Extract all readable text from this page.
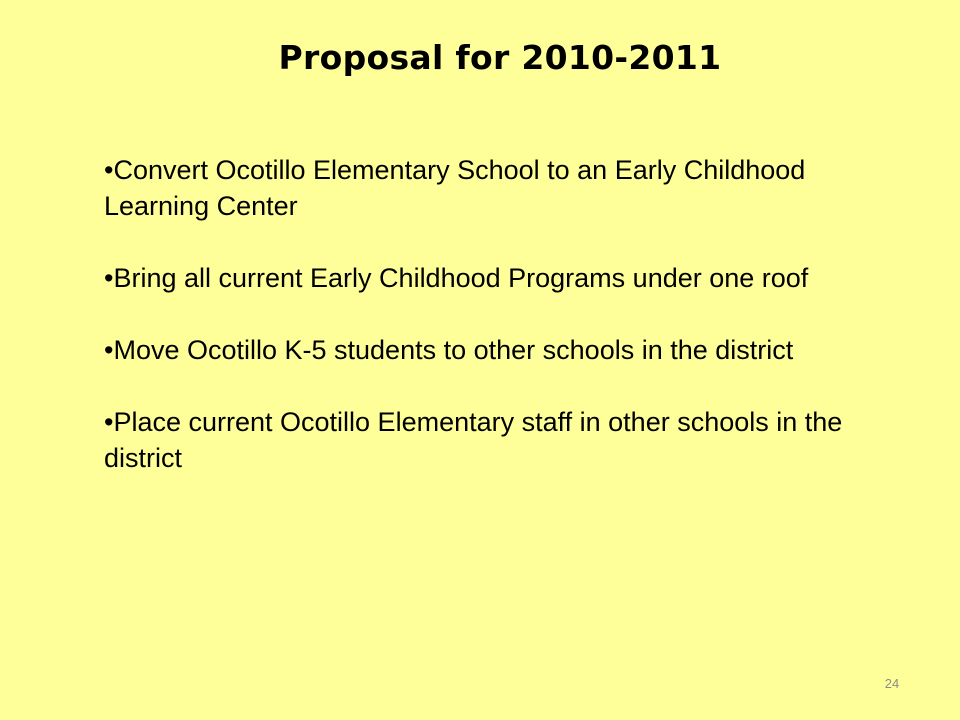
Proposal for 2010-2011
•Convert Ocotillo Elementary School to an Early Childhood Learning Center
•Bring all current Early Childhood Programs under one roof
•Move Ocotillo K-5 students to other schools in the district
•Place current Ocotillo Elementary staff in other schools in the district
24
